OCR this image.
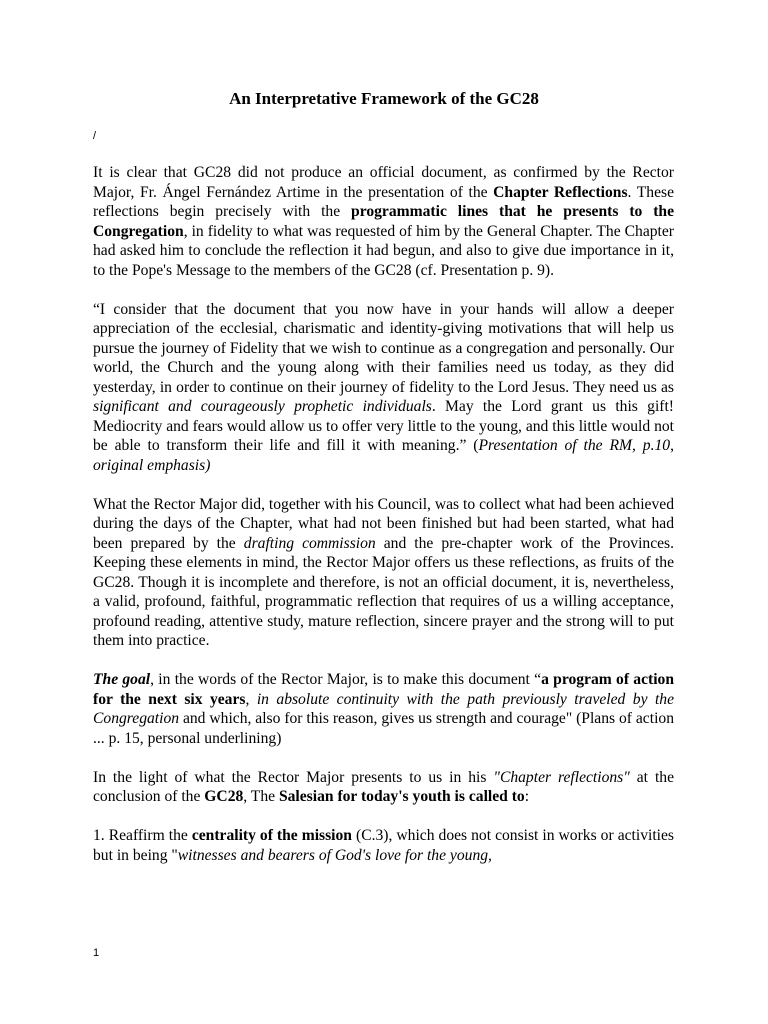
An Interpretative Framework of the GC28
/

It is clear that GC28 did not produce an official document, as confirmed by the Rector Major, Fr. Ángel Fernández Artime in the presentation of the Chapter Reflections. These reflections begin precisely with the programmatic lines that he presents to the Congregation, in fidelity to what was requested of him by the General Chapter. The Chapter had asked him to conclude the reflection it had begun, and also to give due importance in it, to the Pope's Message to the members of the GC28 (cf. Presentation p. 9).

“I consider that the document that you now have in your hands will allow a deeper appreciation of the ecclesial, charismatic and identity-giving motivations that will help us pursue the journey of Fidelity that we wish to continue as a congregation and personally. Our world, the Church and the young along with their families need us today, as they did yesterday, in order to continue on their journey of fidelity to the Lord Jesus. They need us as significant and courageously prophetic individuals. May the Lord grant us this gift! Mediocrity and fears would allow us to offer very little to the young, and this little would not be able to transform their life and fill it with meaning.” (Presentation of the RM, p.10, original emphasis)

What the Rector Major did, together with his Council, was to collect what had been achieved during the days of the Chapter, what had not been finished but had been started, what had been prepared by the drafting commission and the pre-chapter work of the Provinces. Keeping these elements in mind, the Rector Major offers us these reflections, as fruits of the GC28. Though it is incomplete and therefore, is not an official document, it is, nevertheless, a valid, profound, faithful, programmatic reflection that requires of us a willing acceptance, profound reading, attentive study, mature reflection, sincere prayer and the strong will to put them into practice.

The goal, in the words of the Rector Major, is to make this document “a program of action for the next six years, in absolute continuity with the path previously traveled by the Congregation and which, also for this reason, gives us strength and courage" (Plans of action ... p. 15, personal underlining)

In the light of what the Rector Major presents to us in his "Chapter reflections" at the conclusion of the GC28, The Salesian for today's youth is called to:

1. Reaffirm the centrality of the mission (C.3), which does not consist in works or activities but in being "witnesses and bearers of God's love for the young,

1
